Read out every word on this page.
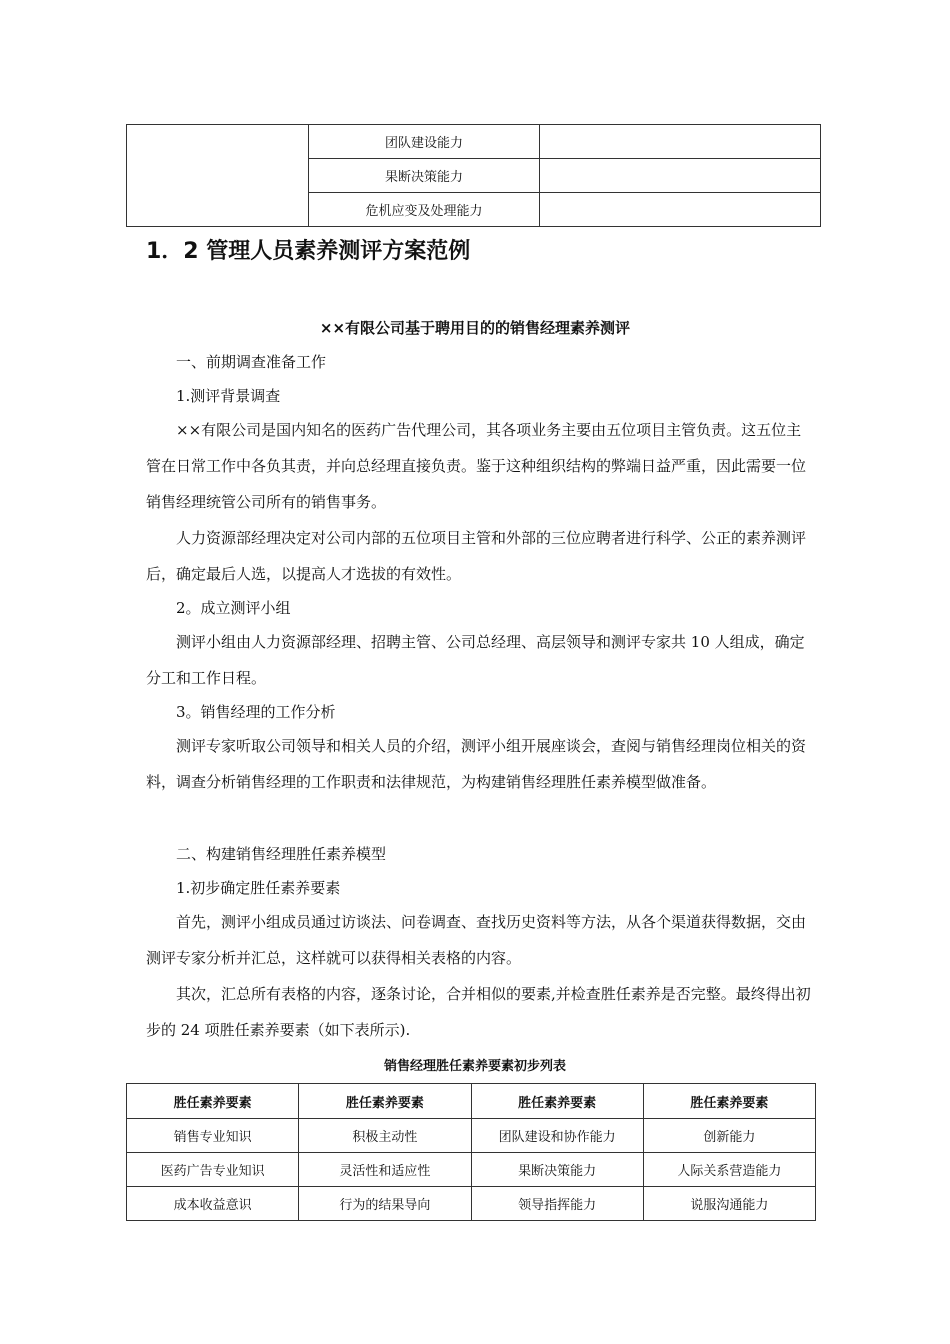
	团队建设能力	
	果断决策能力	
	危机应变及处理能力	
1．2 管理人员素养测评方案范例
××有限公司基于聘用目的的销售经理素养测评

一、前期调查准备工作

1.测评背景调查

××有限公司是国内知名的医药广告代理公司，其各项业务主要由五位项目主管负责。这五位主管在日常工作中各负其责，并向总经理直接负责。鉴于这种组织结构的弊端日益严重，因此需要一位销售经理统管公司所有的销售事务。

人力资源部经理决定对公司内部的五位项目主管和外部的三位应聘者进行科学、公正的素养测评后，确定最后人选，以提高人才选拔的有效性。

2。成立测评小组

测评小组由人力资源部经理、招聘主管、公司总经理、高层领导和测评专家共 10 人组成，确定分工和工作日程。

3。销售经理的工作分析

测评专家听取公司领导和相关人员的介绍，测评小组开展座谈会，查阅与销售经理岗位相关的资料，调查分析销售经理的工作职责和法律规范，为构建销售经理胜任素养模型做准备。

二、构建销售经理胜任素养模型

1.初步确定胜任素养要素

首先，测评小组成员通过访谈法、问卷调查、查找历史资料等方法，从各个渠道获得数据，交由测评专家分析并汇总，这样就可以获得相关表格的内容。

其次，汇总所有表格的内容，逐条讨论，合并相似的要素,并检查胜任素养是否完整。最终得出初步的 24 项胜任素养要素（如下表所示).

销售经理胜任素养要素初步列表
胜任素养要素	胜任素养要素	胜任素养要素	胜任素养要素
销售专业知识	积极主动性	团队建设和协作能力	创新能力
医药广告专业知识	灵活性和适应性	果断决策能力	人际关系营造能力
成本收益意识	行为的结果导向	领导指挥能力	说服沟通能力
